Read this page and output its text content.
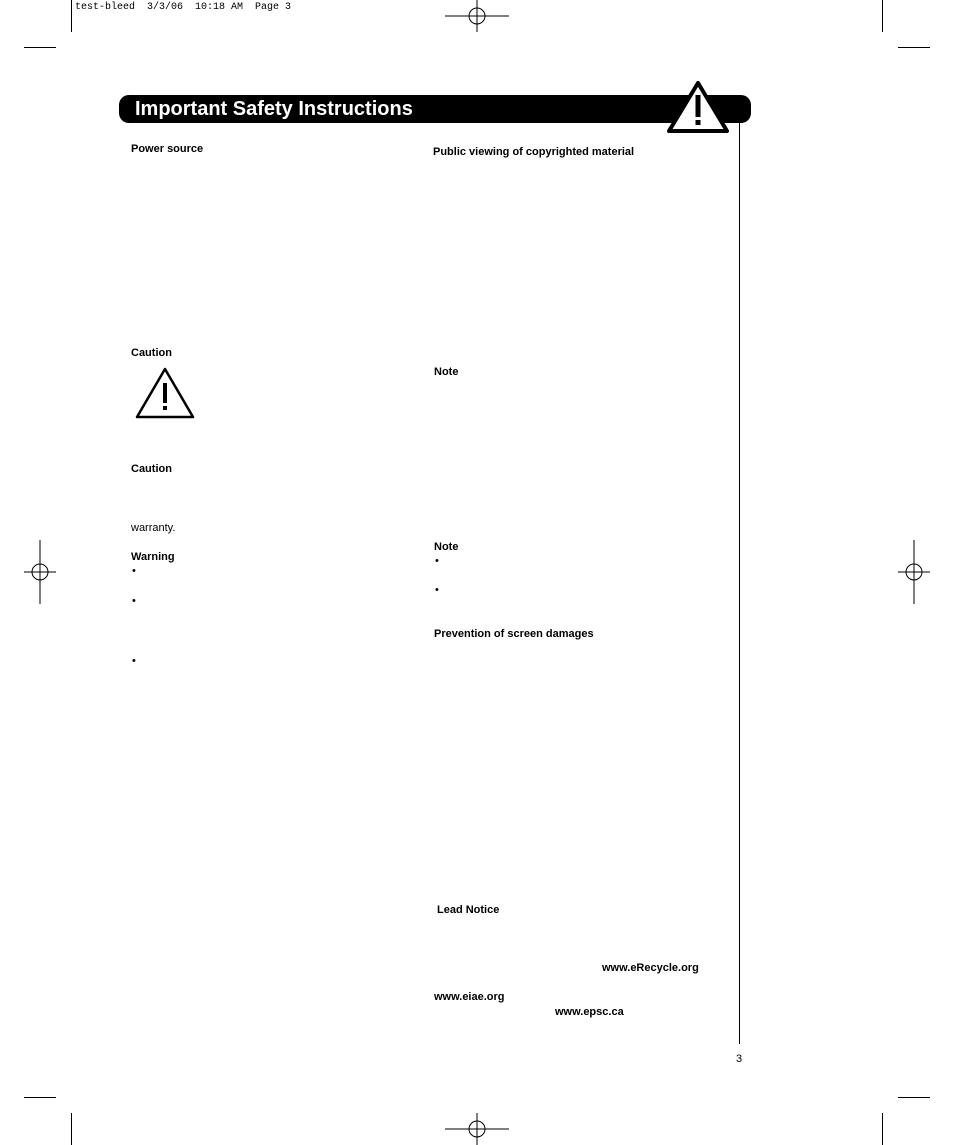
test-bleed  3/3/06  10:18 AM  Page 3
Important Safety Instructions
Power source
Caution
Caution
warranty.
Warning
•
•
•
Public viewing of copyrighted material
Note
Note
•
•
Prevention of screen damages
Lead Notice
www.eRecycle.org
www.eiae.org
www.epsc.ca
3
